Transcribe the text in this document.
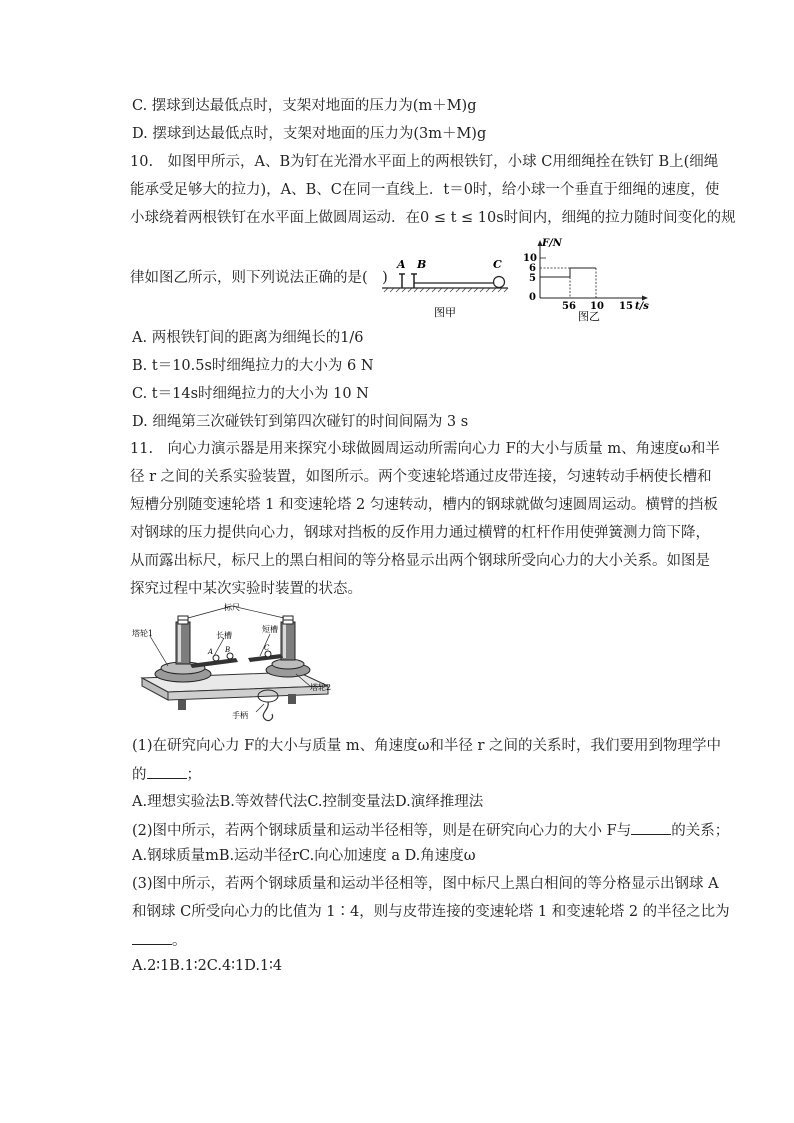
C. 摆球到达最低点时，支架对地面的压力为(m＋M)g
D. 摆球到达最低点时，支架对地面的压力为(3m＋M)g
10.　如图甲所示，A、B为钉在光滑水平面上的两根铁钉，小球 C用细绳拴在铁钉 B上(细绳
能承受足够大的拉力)，A、B、C在同一直线上．t＝0时，给小球一个垂直于细绳的速度，使
小球绕着两根铁钉在水平面上做圆周运动．在0 ≤ t ≤ 10s时间内，细绳的拉力随时间变化的规
律如图乙所示，则下列说法正确的是(　)
A B	C
图甲
F/N
10
6
5
0
5 6 10 15 t/s
图乙
A. 两根铁钉间的距离为细绳长的1/6
B. t＝10.5s时细绳拉力的大小为 6 N
C. t＝14s时细绳拉力的大小为 10 N
D. 细绳第三次碰铁钉到第四次碰钉的时间间隔为 3 s
11.　向心力演示器是用来探究小球做圆周运动所需向心力 F的大小与质量 m、角速度ω和半
径 r 之间的关系实验装置，如图所示。两个变速轮塔通过皮带连接，匀速转动手柄使长槽和
短槽分别随变速轮塔 1 和变速轮塔 2 匀速转动，槽内的钢球就做匀速圆周运动。横臂的挡板
对钢球的压力提供向心力，钢球对挡板的反作用力通过横臂的杠杆作用使弹簧测力筒下降，
从而露出标尺，标尺上的黑白相间的等分格显示出两个钢球所受向心力的大小关系。如图是
探究过程中某次实验时装置的状态。
标尺
短槽
长槽
塔轮1
塔轮2
手柄
A B	C
(1)在研究向心力 F的大小与质量 m、角速度ω和半径 r 之间的关系时，我们要用到物理学中
的	；
A.理想实验法B.等效替代法C.控制变量法D.演绎推理法
(2)图中所示，若两个钢球质量和运动半径相等，则是在研究向心力的大小 F与	的关系；
A.钢球质量mB.运动半径rC.向心加速度 a D.角速度ω
(3)图中所示，若两个钢球质量和运动半径相等，图中标尺上黑白相间的等分格显示出钢球 A
和钢球 C所受向心力的比值为 1∶4，则与皮带连接的变速轮塔 1 和变速轮塔 2 的半径之比为
。
A.2∶1B.1∶2C.4∶1D.1∶4
